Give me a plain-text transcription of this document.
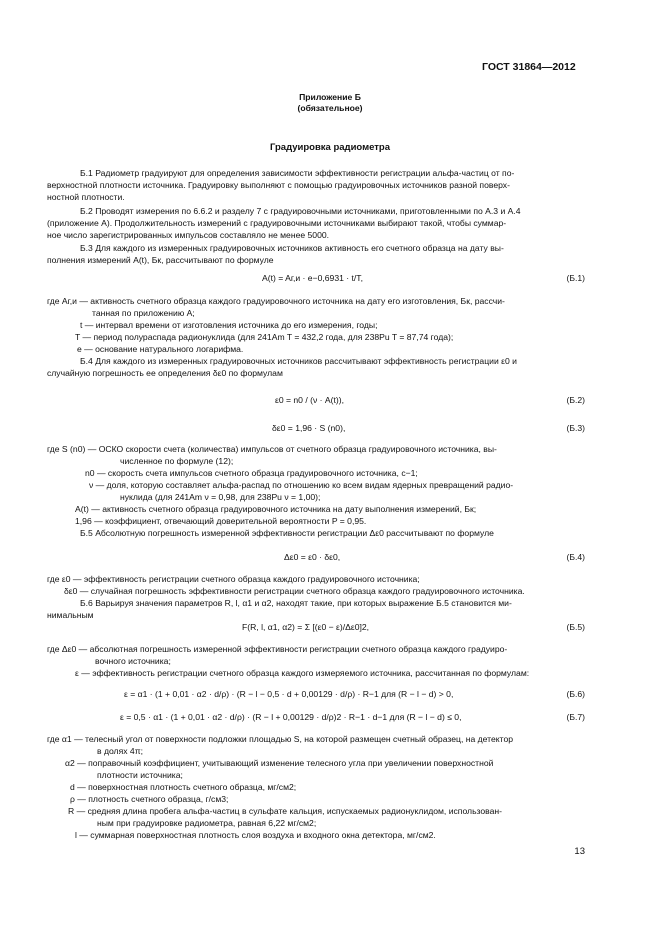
ГОСТ 31864—2012
Приложение Б
(обязательное)
Градуировка радиометра
Б.1 Радиометр градуируют для определения зависимости эффективности регистрации альфа-частиц от по-
верхностной плотности источника. Градуировку выполняют с помощью градуировочных источников разной поверх-
ностной плотности.
Б.2 Проводят измерения по 6.6.2 и разделу 7 с градуировочными источниками, приготовленными по А.3 и А.4
(приложение А). Продолжительность измерений с градуировочными источниками выбирают такой, чтобы суммар-
ное число зарегистрированных импульсов составляло не менее 5000.
Б.3 Для каждого из измеренных градуировочных источников активность его счетного образца на дату вы-
полнения измерений A(t), Бк, рассчитывают по формуле
A(t) = Aг,и · e−0,6931 · t/T,	(Б.1)
где Aг,и — активность счетного образца каждого градуировочного источника на дату его изготовления, Бк, рассчи-
танная по приложению А;
t — интервал времени от изготовления источника до его измерения, годы;
T — период полураспада радионуклида (для 241Am T = 432,2 года, для 238Pu T = 87,74 года);
e — основание натурального логарифма.
Б.4 Для каждого из измеренных градуировочных источников рассчитывают эффективность регистрации ε0 и
случайную погрешность ее определения δε0 по формулам
ε0 = n0 / (ν · A(t)),	(Б.2)
δε0 = 1,96 · S (n0),	(Б.3)
где S (n0) — ОСКО скорости счета (количества) импульсов от счетного образца градуировочного источника, вы-
численное по формуле (12);
n0 — скорость счета импульсов счетного образца градуировочного источника, с−1;
ν — доля, которую составляет альфа-распад по отношению ко всем видам ядерных превращений радио-
нуклида (для 241Am ν = 0,98, для 238Pu ν = 1,00);
A(t) — активность счетного образца градуировочного источника на дату выполнения измерений, Бк;
1,96 — коэффициент, отвечающий доверительной вероятности P = 0,95.
Б.5 Абсолютную погрешность измеренной эффективности регистрации Δε0 рассчитывают по формуле
Δε0 = ε0 · δε0,	(Б.4)
где ε0 — эффективность регистрации счетного образца каждого градуировочного источника;
δε0 — случайная погрешность эффективности регистрации счетного образца каждого градуировочного источника.
Б.6 Варьируя значения параметров R, l, α1 и α2, находят такие, при которых выражение Б.5 становится ми-
нимальным
F(R, l, α1, α2) = Σ [(ε0 − ε)/Δε0]2,	(Б.5)
где Δε0 — абсолютная погрешность измеренной эффективности регистрации счетного образца каждого градуиро-
вочного источника;
ε — эффективность регистрации счетного образца каждого измеряемого источника, рассчитанная по формулам:
ε = α1 · (1 + 0,01 · α2 · d/ρ) · (R − l − 0,5 · d + 0,00129 · d/ρ) · R−1 для (R − l − d) > 0,	(Б.6)
ε = 0,5 · α1 · (1 + 0,01 · α2 · d/ρ) · (R − l + 0,00129 · d/ρ)2 · R−1 · d−1 для (R − l − d) ≤ 0,	(Б.7)
где α1 — телесный угол от поверхности подложки площадью S, на которой размещен счетный образец, на детектор
в долях 4π;
α2 — поправочный коэффициент, учитывающий изменение телесного угла при увеличении поверхностной
плотности источника;
d — поверхностная плотность счетного образца, мг/см2;
ρ — плотность счетного образца, г/см3;
R — средняя длина пробега альфа-частиц в сульфате кальция, испускаемых радионуклидом, использован-
ным при градуировке радиометра, равная 6,22 мг/см2;
l — суммарная поверхностная плотность слоя воздуха и входного окна детектора, мг/см2.
13
